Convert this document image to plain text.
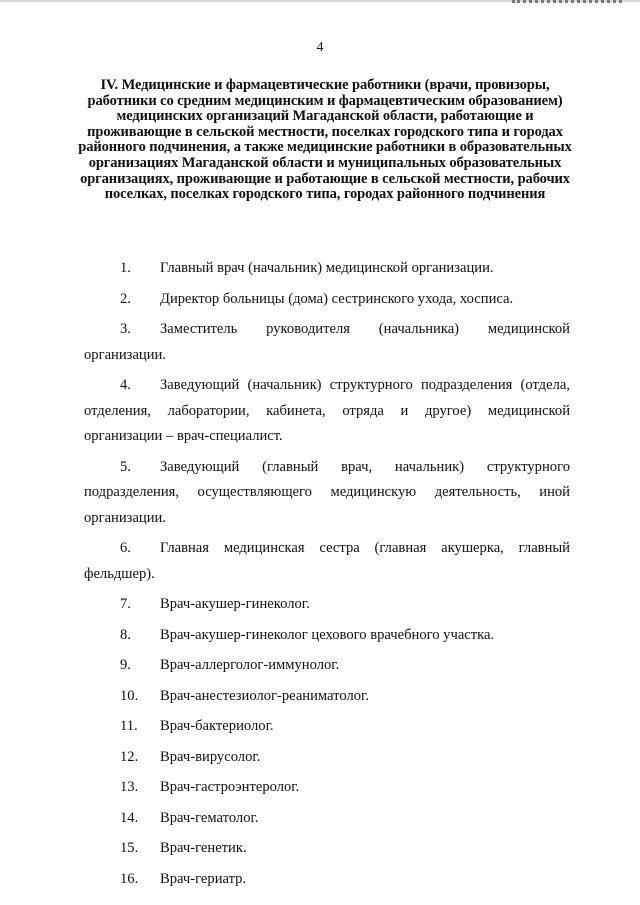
4
IV. Медицинские и фармацевтические работники (врачи, провизоры, работники со средним медицинским и фармацевтическим образованием) медицинских организаций Магаданской области, работающие и проживающие в сельской местности, поселках городского типа и городах районного подчинения, а также медицинские работники в образовательных организациях Магаданской области и муниципальных образовательных организациях, проживающие и работающие в сельской местности, рабочих поселках, поселках городского типа, городах районного подчинения
1.	Главный врач (начальник) медицинской организации.
2.	Директор больницы (дома) сестринского ухода, хосписа.
3.	Заместитель руководителя (начальника) медицинской организации.
4.	Заведующий (начальник) структурного подразделения (отдела, отделения, лаборатории, кабинета, отряда и другое) медицинской организации – врач-специалист.
5.	Заведующий (главный врач, начальник) структурного подразделения, осуществляющего медицинскую деятельность, иной организации.
6.	Главная медицинская сестра (главная акушерка, главный фельдшер).
7.	Врач-акушер-гинеколог.
8.	Врач-акушер-гинеколог цехового врачебного участка.
9.	Врач-аллерголог-иммунолог.
10.	Врач-анестезиолог-реаниматолог.
11.	Врач-бактериолог.
12.	Врач-вирусолог.
13.	Врач-гастроэнтеролог.
14.	Врач-гематолог.
15.	Врач-генетик.
16.	Врач-гериатр.
